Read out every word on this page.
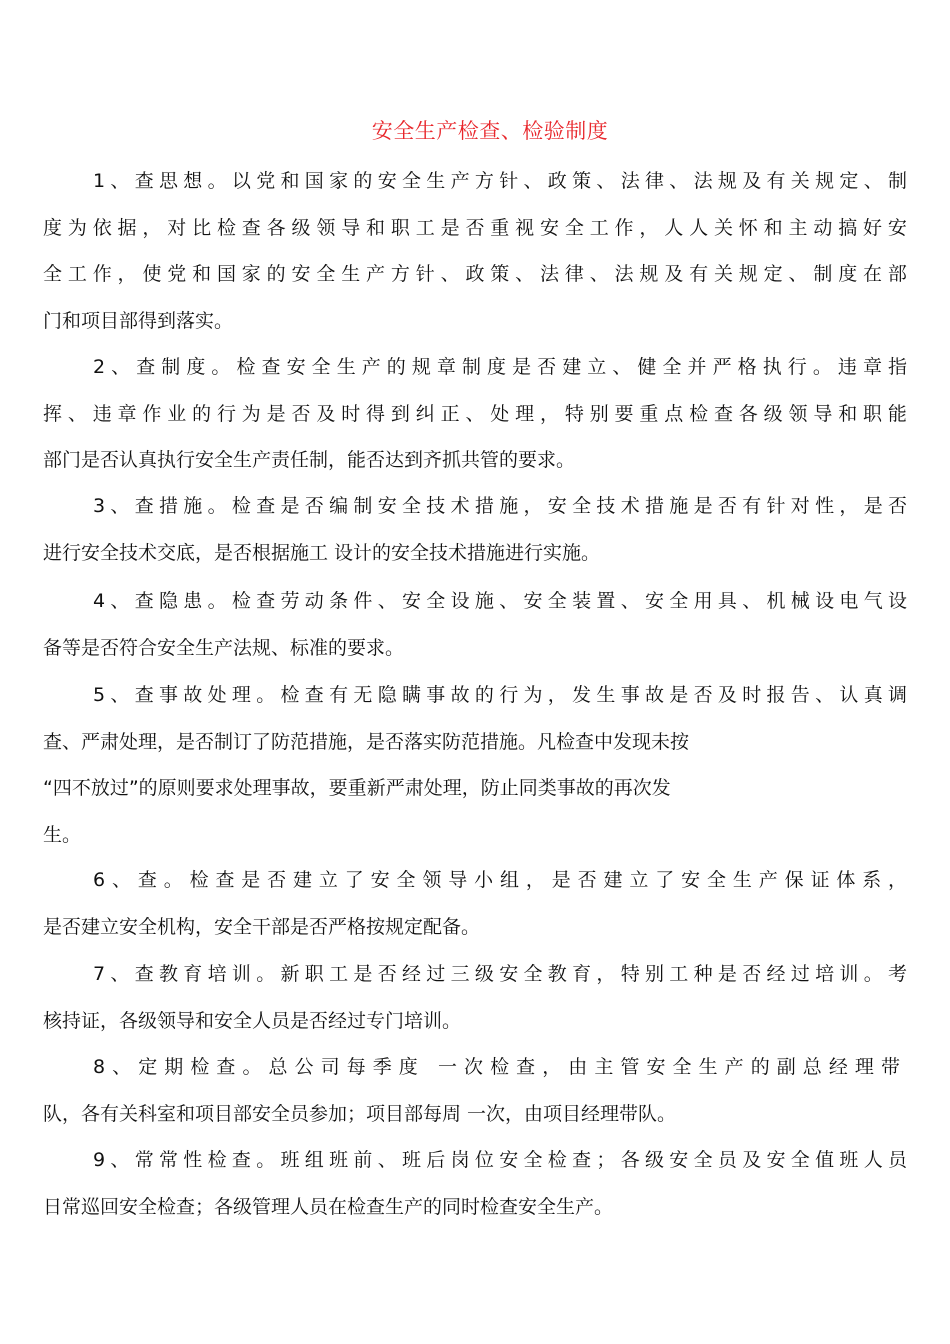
安全生产检查、检验制度
1、查思想。以党和国家的安全生产方针、政策、法律、法规及有关规定、制
度为依据，对比检查各级领导和职工是否重视安全工作，人人关怀和主动搞好安
全工作，使党和国家的安全生产方针、政策、法律、法规及有关规定、制度在部
门和项目部得到落实。
2、查制度。检查安全生产的规章制度是否建立、健全并严格执行。违章指
挥、违章作业的行为是否及时得到纠正、处理，特别要重点检查各级领导和职能
部门是否认真执行安全生产责任制，能否达到齐抓共管的要求。
3、查措施。检查是否编制安全技术措施，安全技术措施是否有针对性，是否
进行安全技术交底，是否根据施工 设计的安全技术措施进行实施。
4、查隐患。检查劳动条件、安全设施、安全装置、安全用具、机械设电气设
备等是否符合安全生产法规、标准的要求。
5、查事故处理。检查有无隐瞒事故的行为，发生事故是否及时报告、认真调
查、严肃处理，是否制订了防范措施，是否落实防范措施。凡检查中发现未按
“四不放过”的原则要求处理事故，要重新严肃处理，防止同类事故的再次发
生。
6、查。检查是否建立了安全领导小组，是否建立了安全生产保证体系，
是否建立安全机构，安全干部是否严格按规定配备。
7、查教育培训。新职工是否经过三级安全教育，特别工种是否经过培训。考
核持证，各级领导和安全人员是否经过专门培训。
8、定期检查。总公司每季度 一次检查，由主管安全生产的副总经理带
队，各有关科室和项目部安全员参加；项目部每周 一次，由项目经理带队。
9、常常性检查。班组班前、班后岗位安全检查；各级安全员及安全值班人员
日常巡回安全检查；各级管理人员在检查生产的同时检查安全生产。
